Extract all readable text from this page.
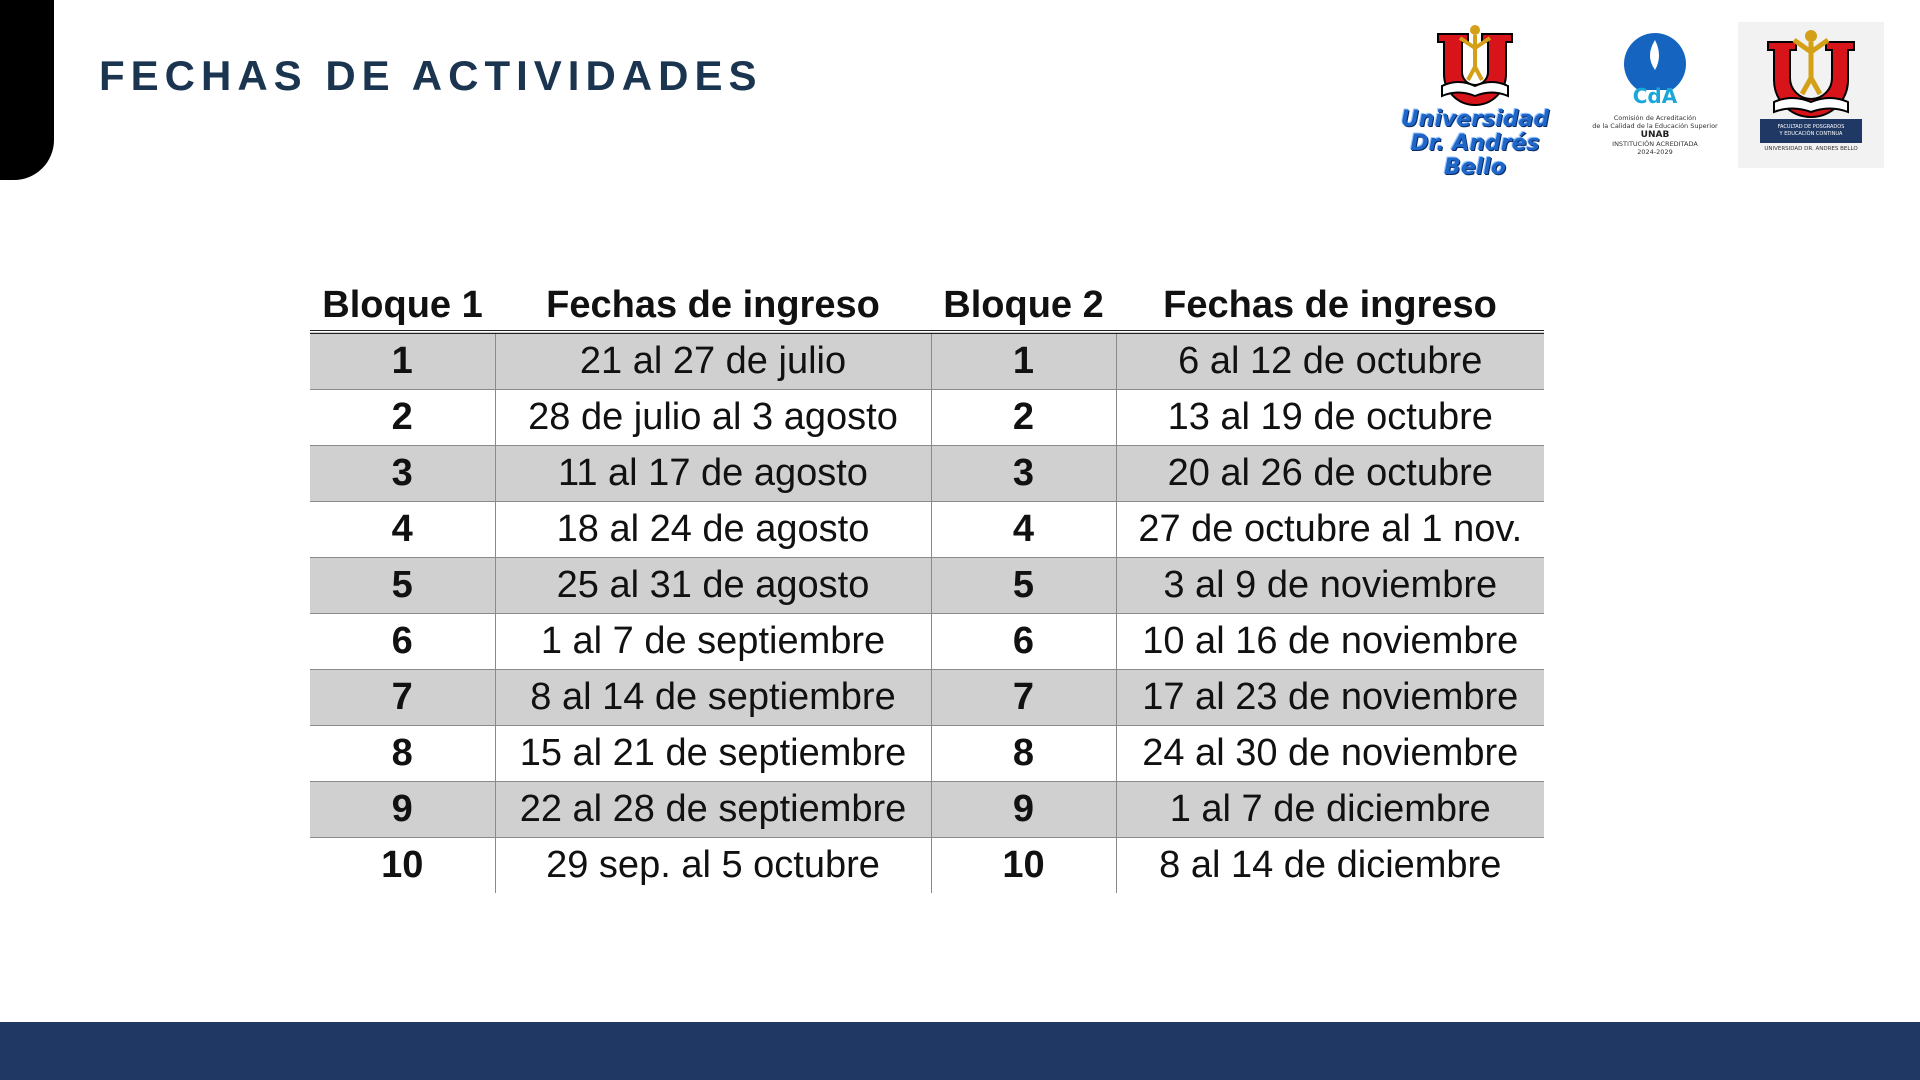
FECHAS DE ACTIVIDADES
Universidad
Dr. Andrés Bello
CdA
Comisión de Acreditación
de la Calidad de la Educación Superior
UNAB
INSTITUCIÓN ACREDITADA
2024-2029
FACULTAD DE POSGRADOS
Y EDUCACIÓN CONTINUA
UNIVERSIDAD DR. ANDRES BELLO
Bloque 1	Fechas de ingreso	Bloque 2	Fechas de ingreso
1	21 al 27 de julio	1	6 al 12 de octubre
2	28 de julio al 3 agosto	2	13 al 19 de octubre
3	11 al 17 de agosto	3	20 al 26 de octubre
4	18 al 24 de agosto	4	27 de octubre al 1 nov.
5	25 al 31 de agosto	5	3 al 9 de noviembre
6	1 al 7 de septiembre	6	10 al 16 de noviembre
7	8 al 14 de septiembre	7	17 al 23 de noviembre
8	15 al 21 de septiembre	8	24 al 30 de noviembre
9	22 al 28 de septiembre	9	1 al 7 de diciembre
10	29 sep. al 5 octubre	10	8 al 14 de diciembre
